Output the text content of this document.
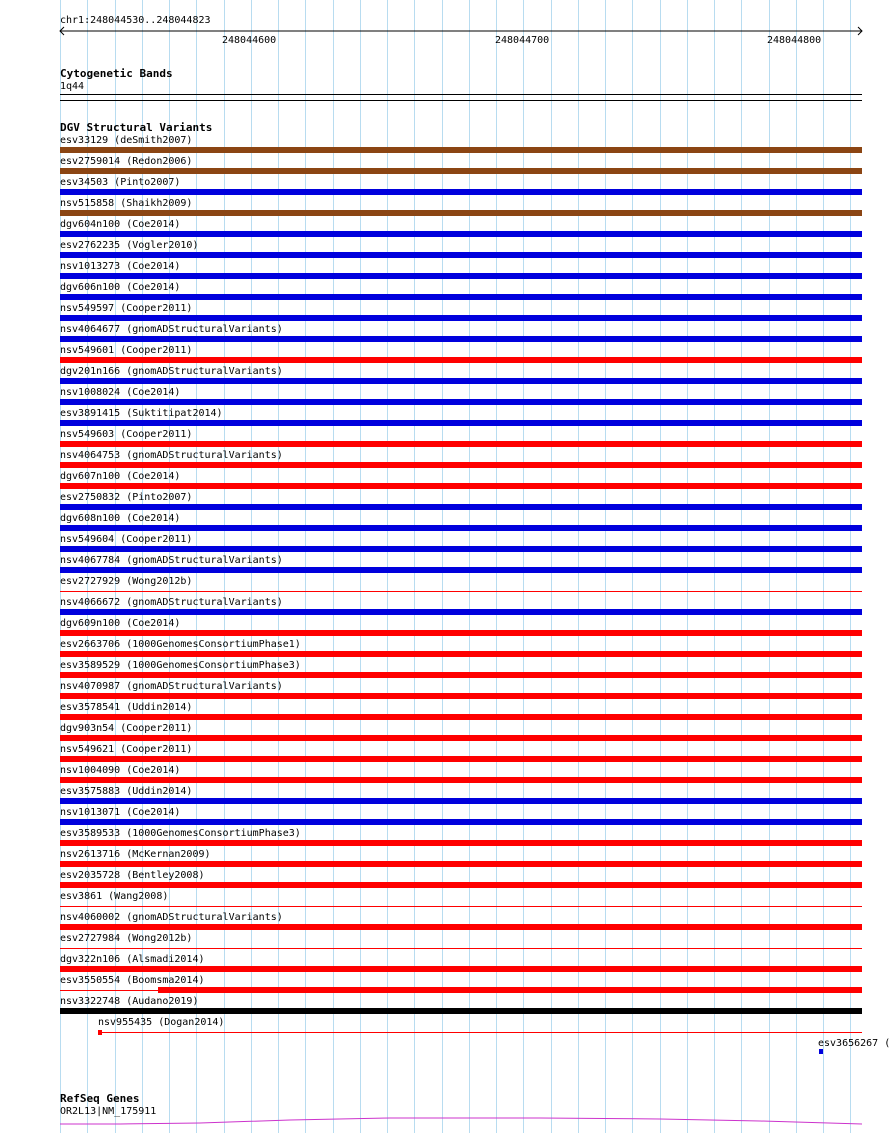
chr1:248044530..248044823
248044600	248044700	248044800
Cytogenetic Bands
1q44
DGV Structural Variants
esv33129 (deSmith2007)
esv2759014 (Redon2006)
esv34503 (Pinto2007)
nsv515858 (Shaikh2009)
dgv604n100 (Coe2014)
esv2762235 (Vogler2010)
nsv1013273 (Coe2014)
dgv606n100 (Coe2014)
nsv549597 (Cooper2011)
nsv4064677 (gnomADStructuralVariants)
nsv549601 (Cooper2011)
dgv201n166 (gnomADStructuralVariants)
nsv1008024 (Coe2014)
esv3891415 (Suktitipat2014)
nsv549603 (Cooper2011)
nsv4064753 (gnomADStructuralVariants)
dgv607n100 (Coe2014)
esv2750832 (Pinto2007)
dgv608n100 (Coe2014)
nsv549604 (Cooper2011)
nsv4067784 (gnomADStructuralVariants)
esv2727929 (Wong2012b)
nsv4066672 (gnomADStructuralVariants)
dgv609n100 (Coe2014)
esv2663706 (1000GenomesConsortiumPhase1)
esv3589529 (1000GenomesConsortiumPhase3)
nsv4070987 (gnomADStructuralVariants)
esv3578541 (Uddin2014)
dgv903n54 (Cooper2011)
nsv549621 (Cooper2011)
nsv1004090 (Coe2014)
esv3575883 (Uddin2014)
nsv1013071 (Coe2014)
esv3589533 (1000GenomesConsortiumPhase3)
nsv2613716 (McKernan2009)
esv2035728 (Bentley2008)
esv3861 (Wang2008)
nsv4060002 (gnomADStructuralVariants)
esv2727984 (Wong2012b)
dgv322n106 (Alsmadi2014)
esv3550554 (Boomsma2014)
nsv3322748 (Audano2019)
nsv955435 (Dogan2014)
esv3656267 (
RefSeq Genes
OR2L13|NM_175911
